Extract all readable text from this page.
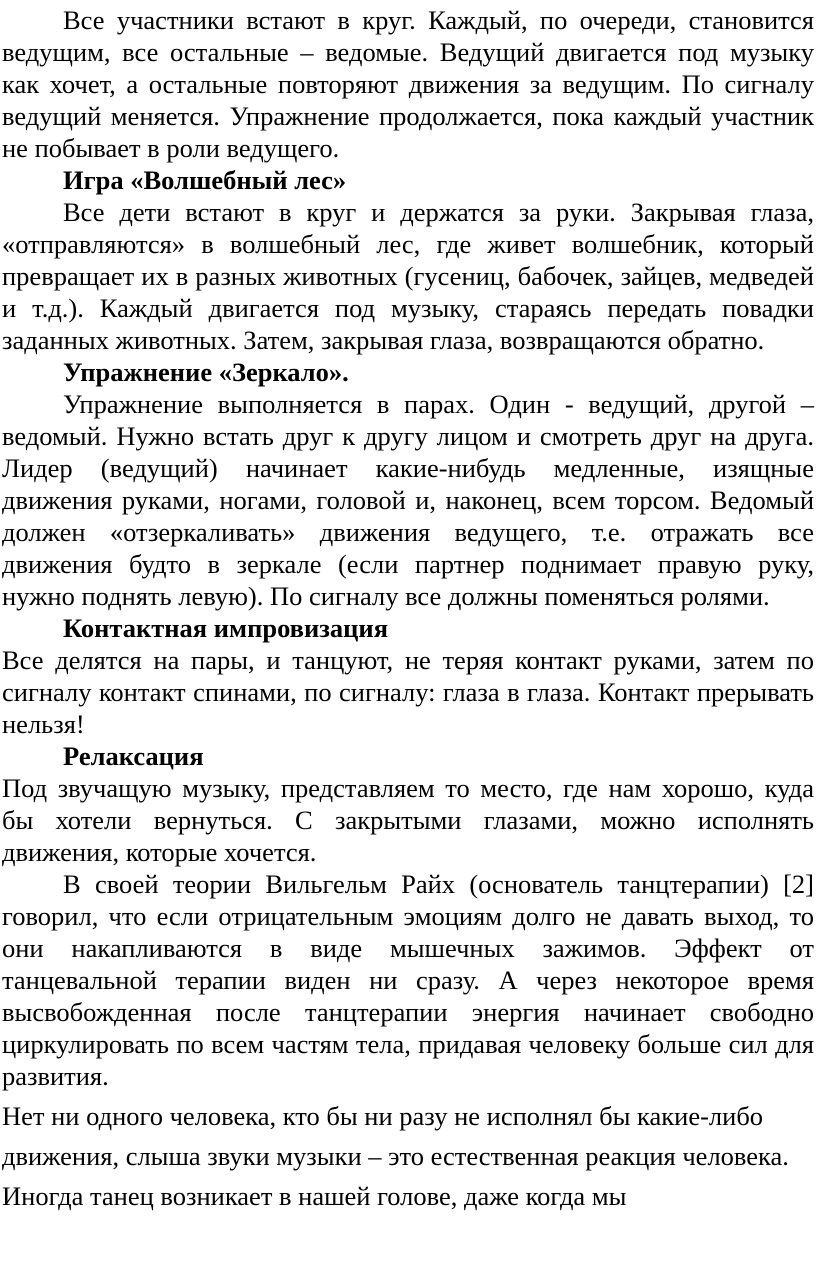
Все участники встают в круг. Каждый, по очереди, становится ведущим, все остальные – ведомые. Ведущий двигается под музыку как хочет, а остальные повторяют движения за ведущим. По сигналу ведущий меняется. Упражнение продолжается, пока каждый участник не побывает в роли ведущего.

Игра «Волшебный лес»

Все дети встают в круг и держатся за руки. Закрывая глаза, «отправляются» в волшебный лес, где живет волшебник, который превращает их в разных животных (гусениц, бабочек, зайцев, медведей и т.д.). Каждый двигается под музыку, стараясь передать повадки заданных животных. Затем, закрывая глаза, возвращаются обратно.

Упражнение «Зеркало».

Упражнение выполняется в парах. Один - ведущий, другой – ведомый. Нужно встать друг к другу лицом и смотреть друг на друга. Лидер (ведущий) начинает какие-нибудь медленные, изящные движения руками, ногами, головой и, наконец, всем торсом. Ведомый должен «отзеркаливать» движения ведущего, т.е. отражать все движения будто в зеркале (если партнер поднимает правую руку, нужно поднять левую). По сигналу все должны поменяться ролями.

Контактная импровизация

Все делятся на пары, и танцуют, не теряя контакт руками, затем по сигналу контакт спинами, по сигналу: глаза в глаза. Контакт прерывать нельзя!

Релаксация

Под звучащую музыку, представляем то место, где нам хорошо, куда бы хотели вернуться. С закрытыми глазами, можно исполнять движения, которые хочется.

В своей теории Вильгельм Райх (основатель танцтерапии) [2] говорил, что если отрицательным эмоциям долго не давать выход, то они накапливаются в виде мышечных зажимов. Эффект от танцевальной терапии виден ни сразу. А через некоторое время высвобожденная после танцтерапии энергия начинает свободно циркулировать по всем частям тела, придавая человеку больше сил для развития.

Нет ни одного человека, кто бы ни разу не исполнял бы какие-либо движения, слыша звуки музыки – это естественная реакция человека. Иногда танец возникает в нашей голове, даже когда мы
